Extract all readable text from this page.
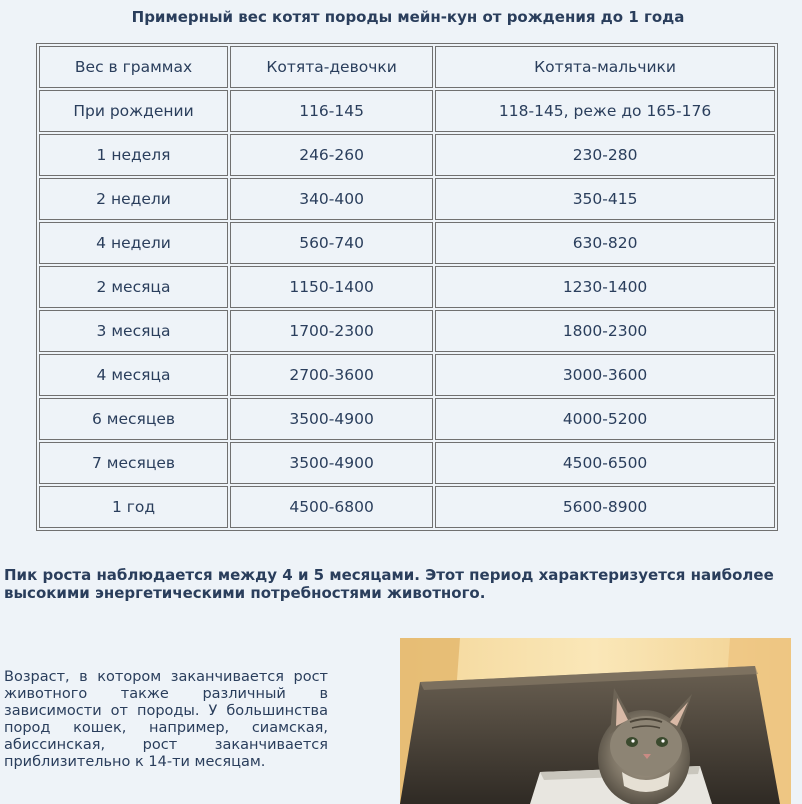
Примерный вес котят породы мейн-кун от рождения до 1 года
Вес в граммах	Котята-девочки	Котята-мальчики
При рождении	116-145	118-145, реже до 165-176
1 неделя	246-260	230-280
2 недели	340-400	350-415
4 недели	560-740	630-820
2 месяца	1150-1400	1230-1400
3 месяца	1700-2300	1800-2300
4 месяца	2700-3600	3000-3600
6 месяцев	3500-4900	4000-5200
7 месяцев	3500-4900	4500-6500
1 год	4500-6800	5600-8900
Пик роста наблюдается между 4 и 5 месяцами. Этот период характеризуется наиболее высокими энергетическими потребностями животного.
Возраст, в котором заканчивается рост животного также различный в зависимости от породы. У большинства пород кошек, например, сиамская, абиссинская, рост заканчивается приблизительно к 14-ти месяцам.
